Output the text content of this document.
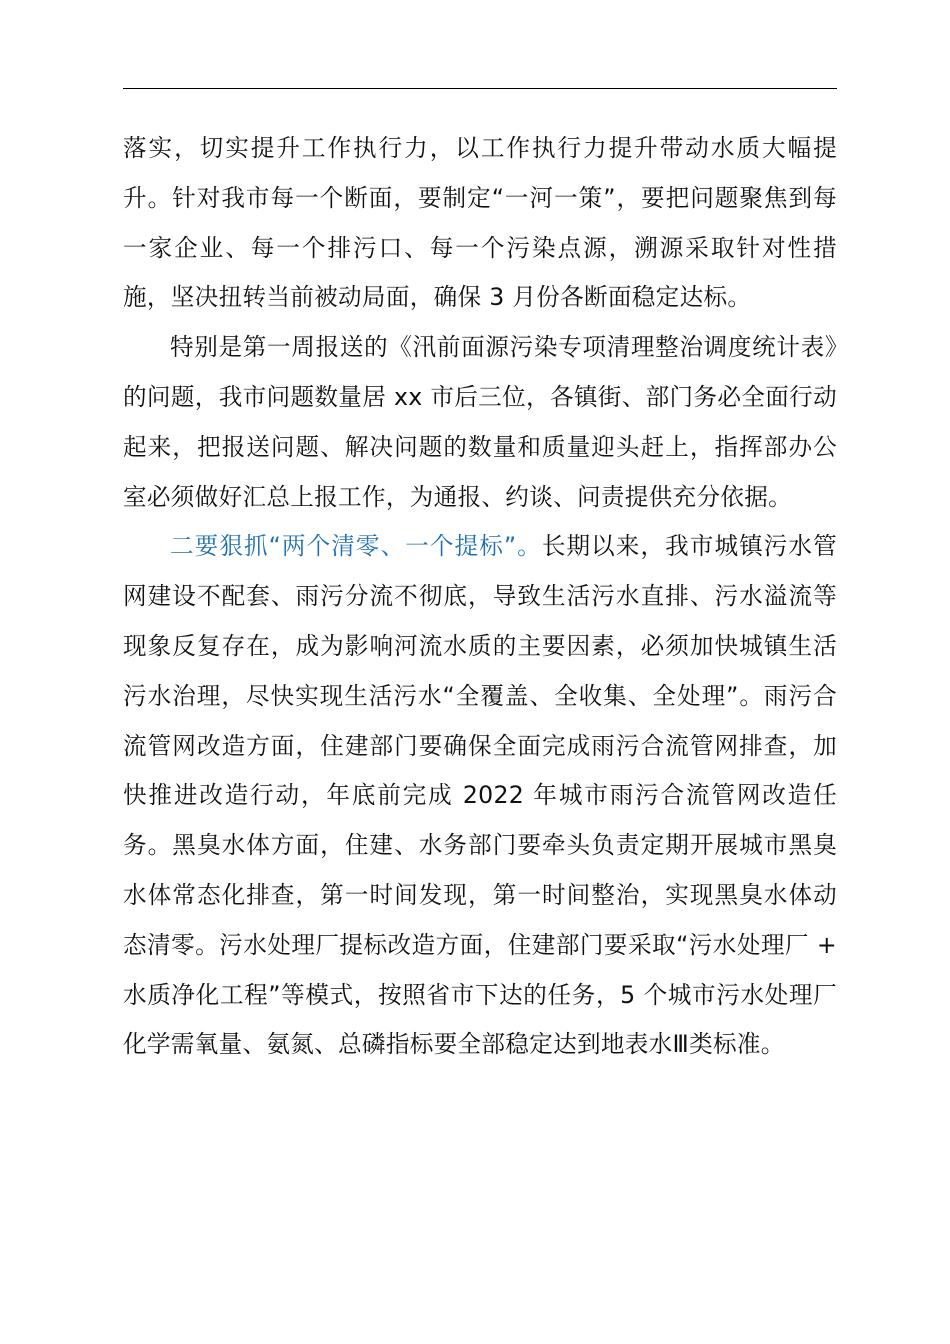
落实，切实提升工作执行力，以工作执行力提升带动水质大幅提升。针对我市每一个断面，要制定“一河一策”，要把问题聚焦到每一家企业、每一个排污口、每一个污染点源，溯源采取针对性措施，坚决扭转当前被动局面，确保 3 月份各断面稳定达标。

特别是第一周报送的《汛前面源污染专项清理整治调度统计表》的问题，我市问题数量居 xx 市后三位，各镇街、部门务必全面行动起来，把报送问题、解决问题的数量和质量迎头赶上，指挥部办公室必须做好汇总上报工作，为通报、约谈、问责提供充分依据。

二要狠抓“两个清零、一个提标”。长期以来，我市城镇污水管网建设不配套、雨污分流不彻底，导致生活污水直排、污水溢流等现象反复存在，成为影响河流水质的主要因素，必须加快城镇生活污水治理，尽快实现生活污水“全覆盖、全收集、全处理”。雨污合流管网改造方面，住建部门要确保全面完成雨污合流管网排查，加快推进改造行动，年底前完成 2022 年城市雨污合流管网改造任务。黑臭水体方面，住建、水务部门要牵头负责定期开展城市黑臭水体常态化排查，第一时间发现，第一时间整治，实现黑臭水体动态清零。污水处理厂提标改造方面，住建部门要采取“污水处理厂 + 水质净化工程”等模式，按照省市下达的任务，5 个城市污水处理厂化学需氧量、氨氮、总磷指标要全部稳定达到地表水Ⅲ类标准。
